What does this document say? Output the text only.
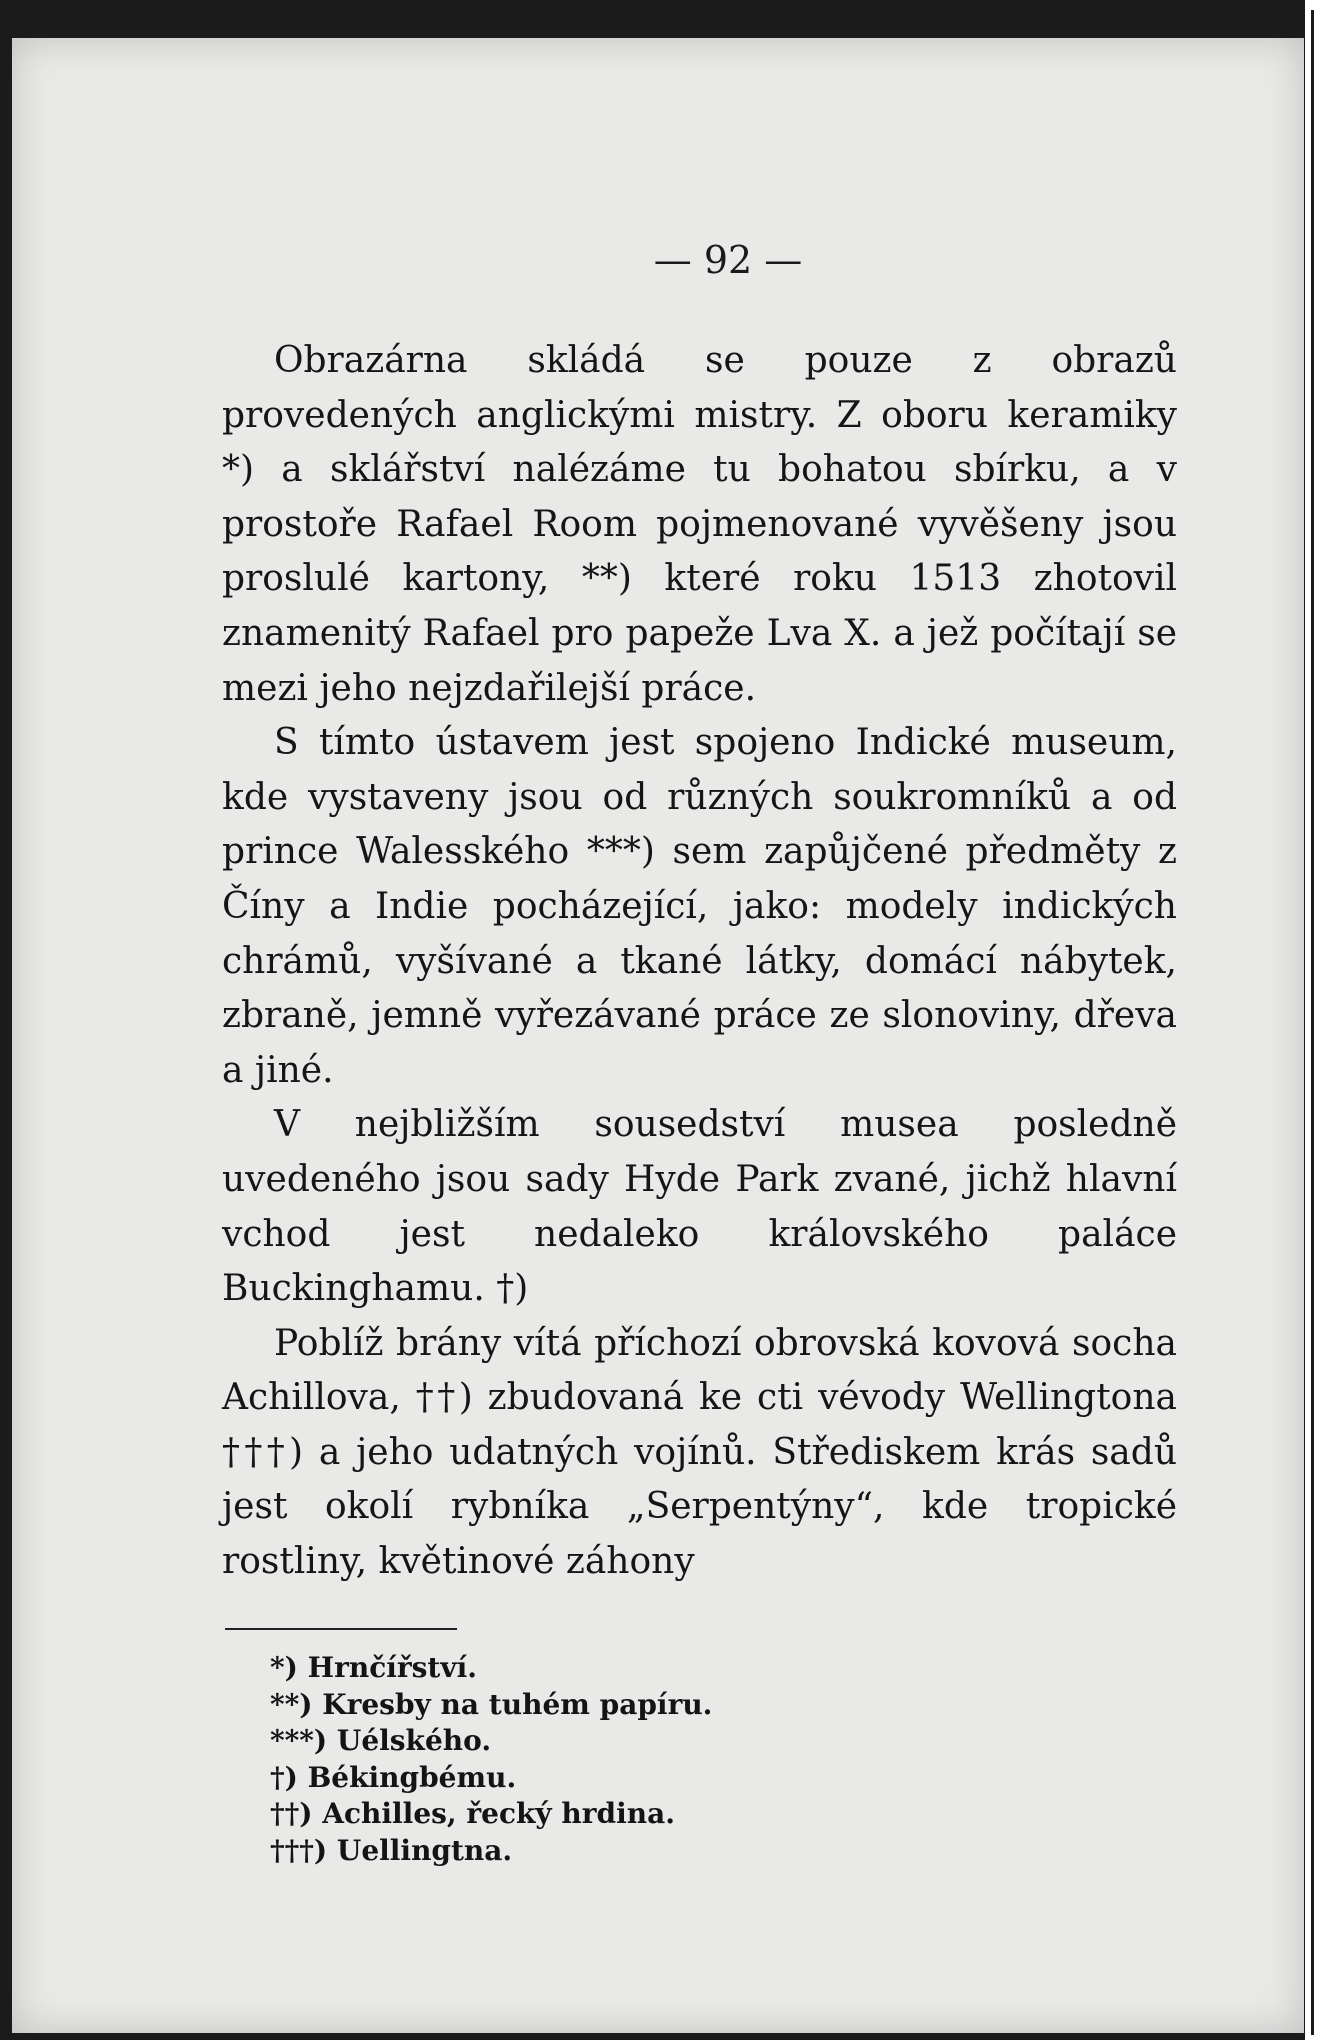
— 92 —

Obrazárna skládá se pouze z obrazů provedených anglickými mistry. Z oboru keramiky *) a sklářství nalézáme tu bohatou sbírku, a v prostoře Rafael Room pojmenované vyvěšeny jsou proslulé kartony, **) které roku 1513 zhotovil znamenitý Rafael pro papeže Lva X. a jež počítají se mezi jeho nejzdařilejší práce.

S tímto ústavem jest spojeno Indické museum, kde vystaveny jsou od různých soukromníků a od prince Walesského ***) sem zapůjčené předměty z Číny a Indie pocházející, jako: modely indických chrámů, vyšívané a tkané látky, domácí nábytek, zbraně, jemně vyřezávané práce ze slonoviny, dřeva a jiné.

V nejbližším sousedství musea posledně uvedeného jsou sady Hyde Park zvané, jichž hlavní vchod jest nedaleko královského paláce Buckinghamu. †)

Poblíž brány vítá příchozí obrovská kovová socha Achillova, ††) zbudovaná ke cti vévody Wellingtona †††) a jeho udatných vojínů. Střediskem krás sadů jest okolí rybníka „Serpentýny“, kde tropické rostliny, květinové záhony

*) Hrnčířství.
**) Kresby na tuhém papíru.
***) Uélského.
†) Békingbému.
††) Achilles, řecký hrdina.
†††) Uellingtna.
